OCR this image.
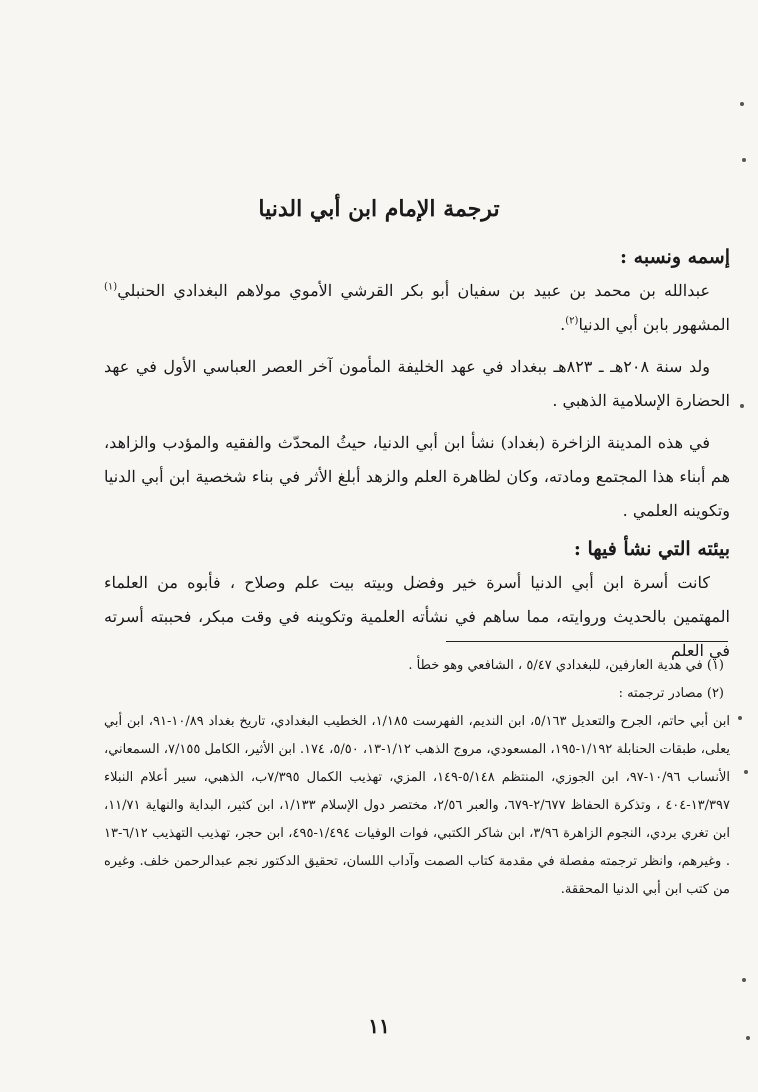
ترجمة الإمام ابن أبي الدنيا
إسمه ونسبه :
عبدالله بن محمد بن عبيد بن سفيان أبو بكر القرشي الأموي مولاهم البغدادي الحنبلي$^{(١)}$ المشهور بابن أبي الدنيا$^{(٢)}$.
ولد سنة ٢٠٨هـ ـ ٨٢٣هـ ببغداد في عهد الخليفة المأمون آخر العصر العباسي الأول في عهد الحضارة الإسلامية الذهبي .
في هذه المدينة الزاخرة (بغداد) نشأ ابن أبي الدنيا، حيثُ المحدّث والفقيه والمؤدب والزاهد، هم أبناء هذا المجتمع ومادته، وكان لظاهرة العلم والزهد أبلغ الأثر في بناء شخصية ابن أبي الدنيا وتكوينه العلمي .
بيئته التي نشأ فيها :
كانت أسرة ابن أبي الدنيا أسرة خير وفضل وبيته بيت علم وصلاح ، فأبوه من العلماء المهتمين بالحديث وروايته، مما ساهم في نشأته العلمية وتكوينه في وقت مبكر، فحببته أسرته في العلم
(١) في هدية العارفين، للبغدادي ٥/٤٧ ، الشافعي وهو خطأ .
(٢) مصادر ترجمته :
ابن أبي حاتم، الجرح والتعديل ٥/١٦٣، ابن النديم، الفهرست ١/١٨٥، الخطيب البغدادي، تاريخ بغداد ١٠/٨٩-٩١، ابن أبي يعلى، طبقات الحنابلة ١/١٩٢-١٩٥، المسعودي، مروج الذهب ١/١٢-١٣، ٥/٥٠، ١٧٤. ابن الأثير، الكامل ٧/١٥٥، السمعاني، الأنساب ١٠/٩٦-٩٧، ابن الجوزي، المنتظم ٥/١٤٨-١٤٩، المزي، تهذيب الكمال ٧/٣٩٥ب، الذهبي، سير أعلام النبلاء ١٣/٣٩٧-٤٠٤ ، وتذكرة الحفاظ ٢/٦٧٧-٦٧٩، والعبر ٢/٥٦، مختصر دول الإسلام ١/١٣٣، ابن كثير، البداية والنهاية ١١/٧١، ابن تغري بردي، النجوم الزاهرة ٣/٩٦، ابن شاكر الكتبي، فوات الوفيات ١/٤٩٤-٤٩٥، ابن حجر، تهذيب التهذيب ٦/١٢-١٣ . وغيرهم، وانظر ترجمته مفصلة في مقدمة كتاب الصمت وآداب اللسان، تحقيق الدكتور نجم عبدالرحمن خلف. وغيره من كتب ابن أبي الدنيا المحققة.
١١
